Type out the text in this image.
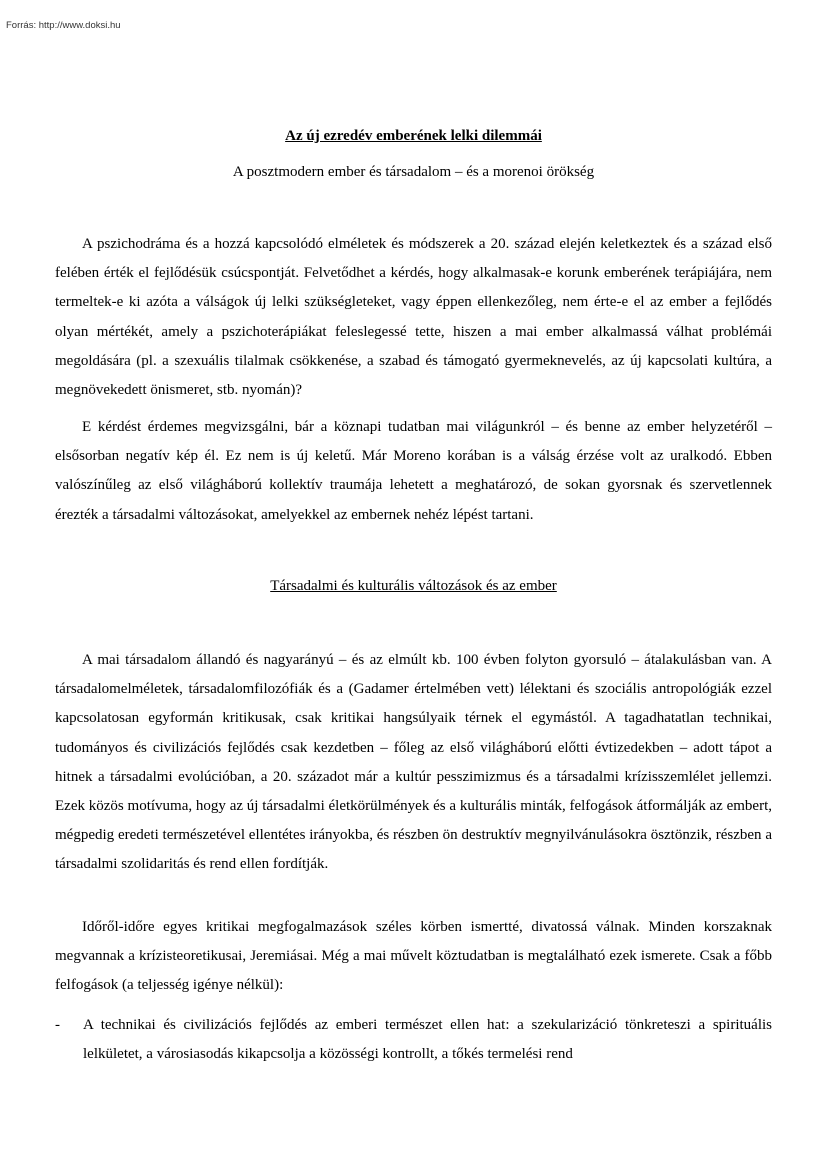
Forrás: http://www.doksi.hu
Az új ezredév emberének lelki dilemmái
A posztmodern ember és társadalom – és a morenoi örökség

A pszichodráma és a hozzá kapcsolódó elméletek és módszerek a 20. század elején keletkeztek és a század első felében érték el fejlődésük csúcspontját. Felvetődhet a kérdés, hogy alkalmasak-e korunk emberének terápiájára, nem termeltek-e ki azóta a válságok új lelki szükségleteket, vagy éppen ellenkezőleg, nem érte-e el az ember a fejlődés olyan mértékét, amely a pszichoterápiákat feleslegessé tette, hiszen a mai ember alkalmassá válhat problémái megoldására (pl. a szexuális tilalmak csökkenése, a szabad és támogató gyermeknevelés, az új kapcsolati kultúra, a megnövekedett önismeret, stb. nyomán)?

E kérdést érdemes megvizsgálni, bár a köznapi tudatban mai világunkról – és benne az ember helyzetéről – elsősorban negatív kép él. Ez nem is új keletű. Már Moreno korában is a válság érzése volt az uralkodó. Ebben valószínűleg az első világháború kollektív traumája lehetett a meghatározó, de sokan gyorsnak és szervetlennek érezték a társadalmi változásokat, amelyekkel az embernek nehéz lépést tartani.

Társadalmi és kulturális változások és az ember

A mai társadalom állandó és nagyarányú – és az elmúlt kb. 100 évben folyton gyorsuló – átalakulásban van. A társadalomelméletek, társadalomfilozófiák és a (Gadamer értelmében vett) lélektani és szociális antropológiák ezzel kapcsolatosan egyformán kritikusak, csak kritikai hangsúlyaik térnek el egymástól. A tagadhatatlan technikai, tudományos és civilizációs fejlődés csak kezdetben – főleg az első világháború előtti évtizedekben – adott tápot a hitnek a társadalmi evolúcióban, a 20. századot már a kultúr pesszimizmus és a társadalmi krízisszemlélet jellemzi. Ezek közös motívuma, hogy az új társadalmi életkörülmények és a kulturális minták, felfogások átformálják az embert, mégpedig eredeti természetével ellentétes irányokba, és részben ön destruktív megnyilvánulásokra ösztönzik, részben a társadalmi szolidaritás és rend ellen fordítják.

Időről-időre egyes kritikai megfogalmazások széles körben ismertté, divatossá válnak. Minden korszaknak megvannak a krízisteoretikusai, Jeremiásai. Még a mai művelt köztudatban is megtalálható ezek ismerete. Csak a főbb felfogások (a teljesség igénye nélkül):

- A technikai és civilizációs fejlődés az emberi természet ellen hat: a szekularizáció tönkreteszi a spirituális lelkületet, a városiasodás kikapcsolja a közösségi kontrollt, a tőkés termelési rend
